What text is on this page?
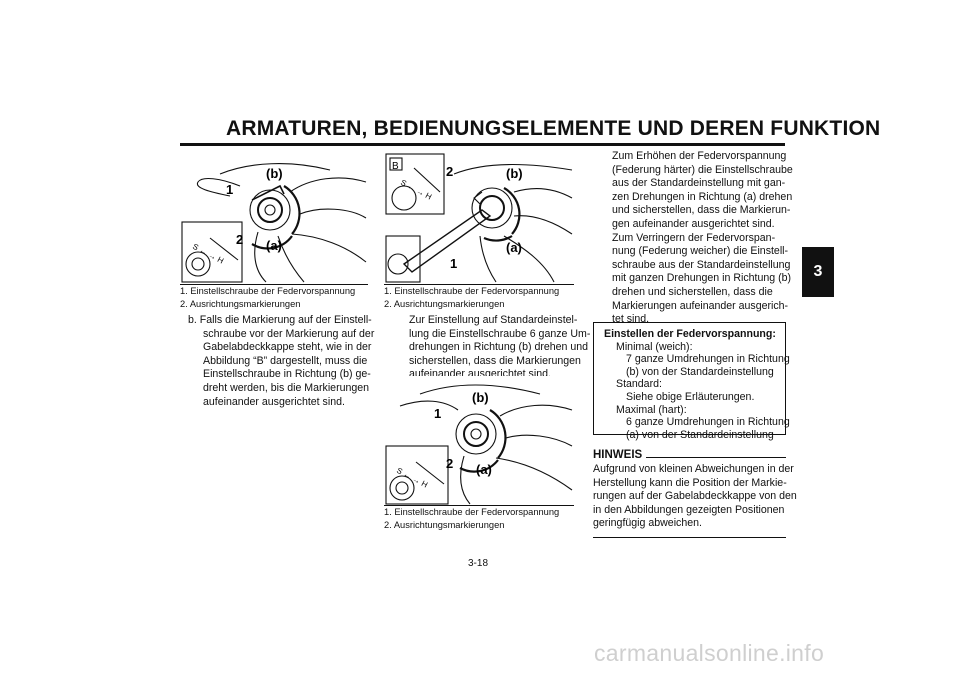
ARMATUREN, BEDIENUNGSELEMENTE UND DEREN FUNKTION
3
(b)
1
2 (a)
S ← → H
1. Einstellschraube der Federvorspannung
2. Ausrichtungsmarkierungen
b. Falls die Markierung auf der Einstell-
schraube vor der Markierung auf der
Gabelabdeckkappe steht, wie in der
Abbildung “B” dargestellt, muss die
Einstellschraube in Richtung (b) ge-
dreht werden, bis die Markierungen
aufeinander ausgerichtet sind.
B	2	(b)
(a)
1
S ← → H
1. Einstellschraube der Federvorspannung
2. Ausrichtungsmarkierungen
Zur Einstellung auf Standardeinstel-
lung die Einstellschraube 6 ganze Um-
drehungen in Richtung (b) drehen und
sicherstellen, dass die Markierungen
aufeinander ausgerichtet sind.
(b)
1
2 (a)
S ← → H
1. Einstellschraube der Federvorspannung
2. Ausrichtungsmarkierungen
Zum Erhöhen der Federvorspannung
(Federung härter) die Einstellschraube
aus der Standardeinstellung mit gan-
zen Drehungen in Richtung (a) drehen
und sicherstellen, dass die Markierun-
gen aufeinander ausgerichtet sind.
Zum Verringern der Federvorspan-
nung (Federung weicher) die Einstell-
schraube aus der Standardeinstellung
mit ganzen Drehungen in Richtung (b)
drehen und sicherstellen, dass die
Markierungen aufeinander ausgerich-
tet sind.
Einstellen der Federvorspannung:
Minimal (weich):
7 ganze Umdrehungen in Richtung
(b) von der Standardeinstellung
Standard:
Siehe obige Erläuterungen.
Maximal (hart):
6 ganze Umdrehungen in Richtung
(a) von der Standardeinstellung
HINWEIS
Aufgrund von kleinen Abweichungen in der
Herstellung kann die Position der Markie-
rungen auf der Gabelabdeckkappe von den
in den Abbildungen gezeigten Positionen
geringfügig abweichen.
3-18
carmanualsonline.info
